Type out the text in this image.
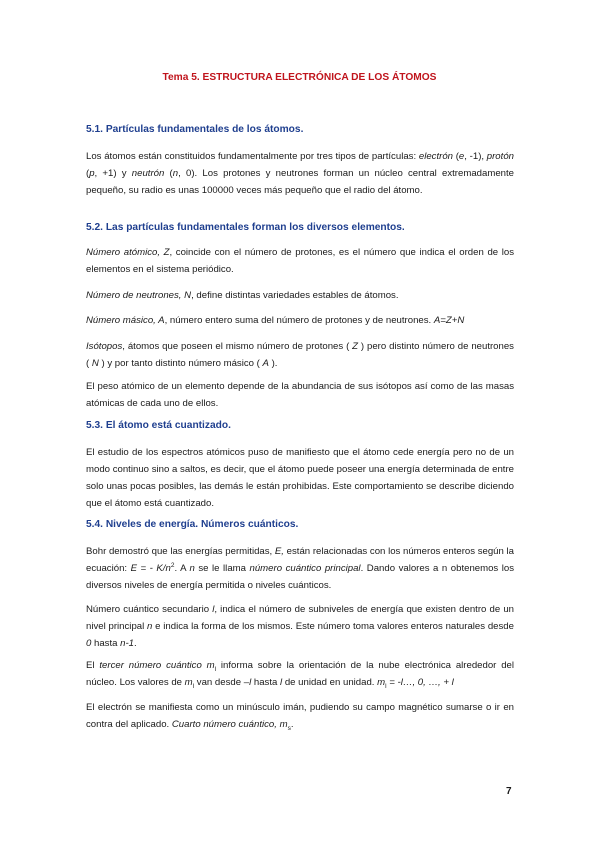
Tema 5. ESTRUCTURA ELECTRÓNICA DE LOS ÁTOMOS
5.1. Partículas fundamentales de los átomos.

Los átomos están constituidos fundamentalmente por tres tipos de partículas: electrón (e, -1), protón (p, +1) y neutrón (n, 0). Los protones y neutrones forman un núcleo central extremadamente pequeño, su radio es unas 100000 veces más pequeño que el radio del átomo.

5.2. Las partículas fundamentales forman los diversos elementos.

Número atómico, Z, coincide con el número de protones, es el número que indica el orden de los elementos en el sistema periódico.

Número de neutrones, N, define distintas variedades estables de átomos.

Número másico, A, número entero suma del número de protones y de neutrones. A=Z+N

Isótopos, átomos que poseen el mismo número de protones ( Z ) pero distinto número de neutrones ( N ) y por tanto distinto número másico ( A ).

El peso atómico de un elemento depende de la abundancia de sus isótopos así como de las masas atómicas de cada uno de ellos.

5.3. El átomo está cuantizado.

El estudio de los espectros atómicos puso de manifiesto que el átomo cede energía pero no de un modo continuo sino a saltos, es decir, que el átomo puede poseer una energía determinada de entre solo unas pocas posibles, las demás le están prohibidas. Este comportamiento se describe diciendo que el átomo está cuantizado.

5.4. Niveles de energía. Números cuánticos.

Bohr demostró que las energías permitidas, E, están relacionadas con los números enteros según la ecuación: E = - $K/n^2$. A n se le llama número cuántico principal. Dando valores a n obtenemos los diversos niveles de energía permitida o niveles cuánticos.

Número cuántico secundario l, indica el número de subniveles de energía que existen dentro de un nivel principal n e indica la forma de los mismos. Este número toma valores enteros naturales desde 0 hasta n-1.

El tercer número cuántico $m_l$ informa sobre la orientación de la nube electrónica alrededor del núcleo. Los valores de $m_l$ van desde –l hasta l de unidad en unidad. $m_l$ = -l…, 0, …, + l

El electrón se manifiesta como un minúsculo imán, pudiendo su campo magnético sumarse o ir en contra del aplicado. Cuarto número cuántico, $m_s$.

7
